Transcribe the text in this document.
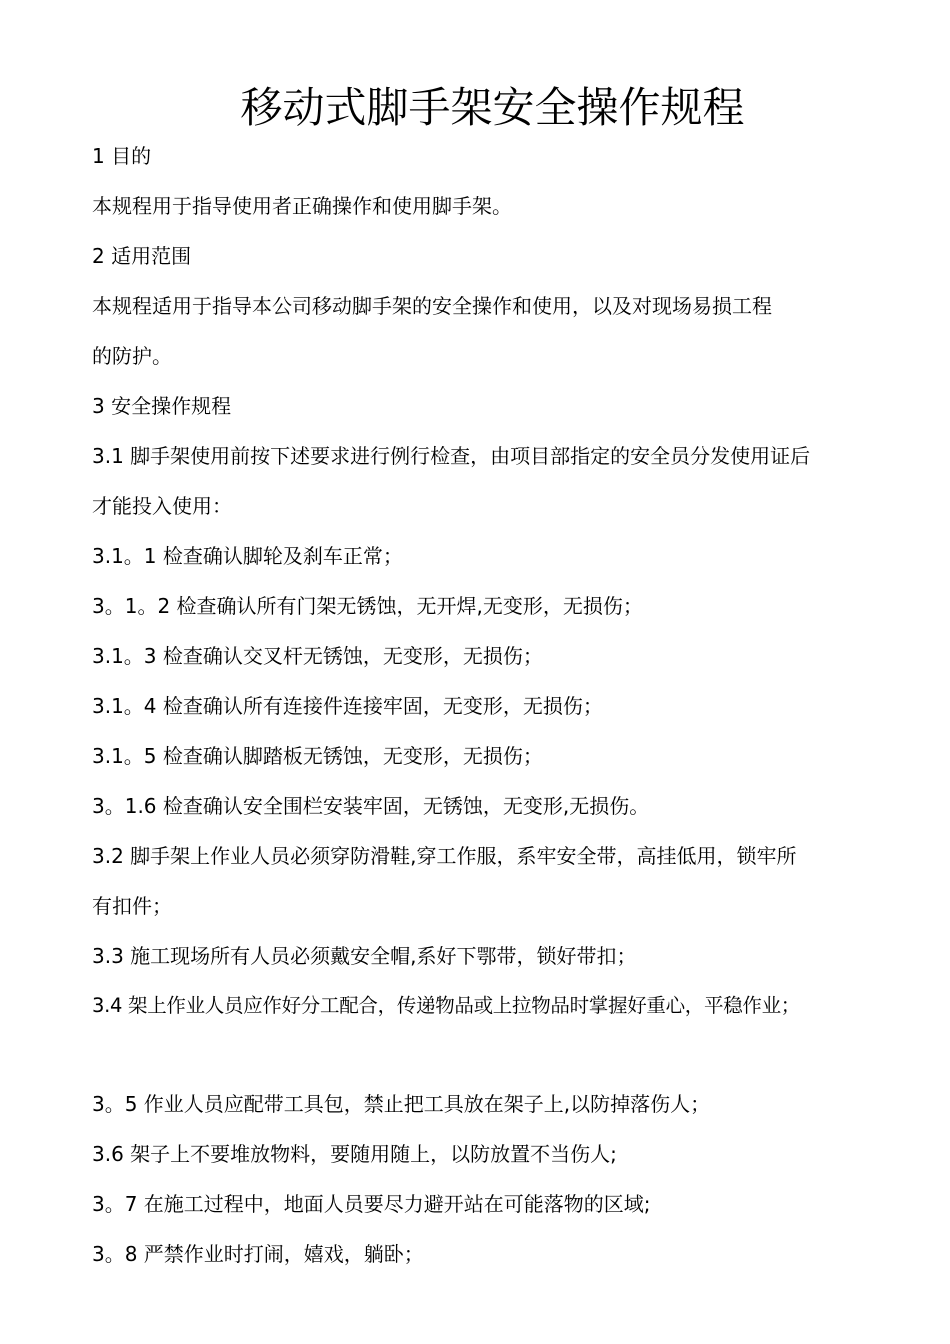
移动式脚手架安全操作规程

1 目的

本规程用于指导使用者正确操作和使用脚手架。

2 适用范围

本规程适用于指导本公司移动脚手架的安全操作和使用，以及对现场易损工程

的防护。

3 安全操作规程

3.1 脚手架使用前按下述要求进行例行检查，由项目部指定的安全员分发使用证后

才能投入使用：

3.1。1 检查确认脚轮及刹车正常；

3。1。2 检查确认所有门架无锈蚀，无开焊,无变形，无损伤；

3.1。3 检查确认交叉杆无锈蚀，无变形，无损伤；

3.1。4 检查确认所有连接件连接牢固，无变形，无损伤；

3.1。5 检查确认脚踏板无锈蚀，无变形，无损伤；

3。1.6 检查确认安全围栏安装牢固，无锈蚀，无变形,无损伤。

3.2 脚手架上作业人员必须穿防滑鞋,穿工作服，系牢安全带，高挂低用，锁牢所

有扣件；

3.3 施工现场所有人员必须戴安全帽,系好下鄂带，锁好带扣；

3.4 架上作业人员应作好分工配合，传递物品或上拉物品时掌握好重心，平稳作业；

3。5 作业人员应配带工具包，禁止把工具放在架子上,以防掉落伤人；

3.6 架子上不要堆放物料，要随用随上，以防放置不当伤人;

3。7 在施工过程中，地面人员要尽力避开站在可能落物的区域;

3。8 严禁作业时打闹，嬉戏，躺卧；
